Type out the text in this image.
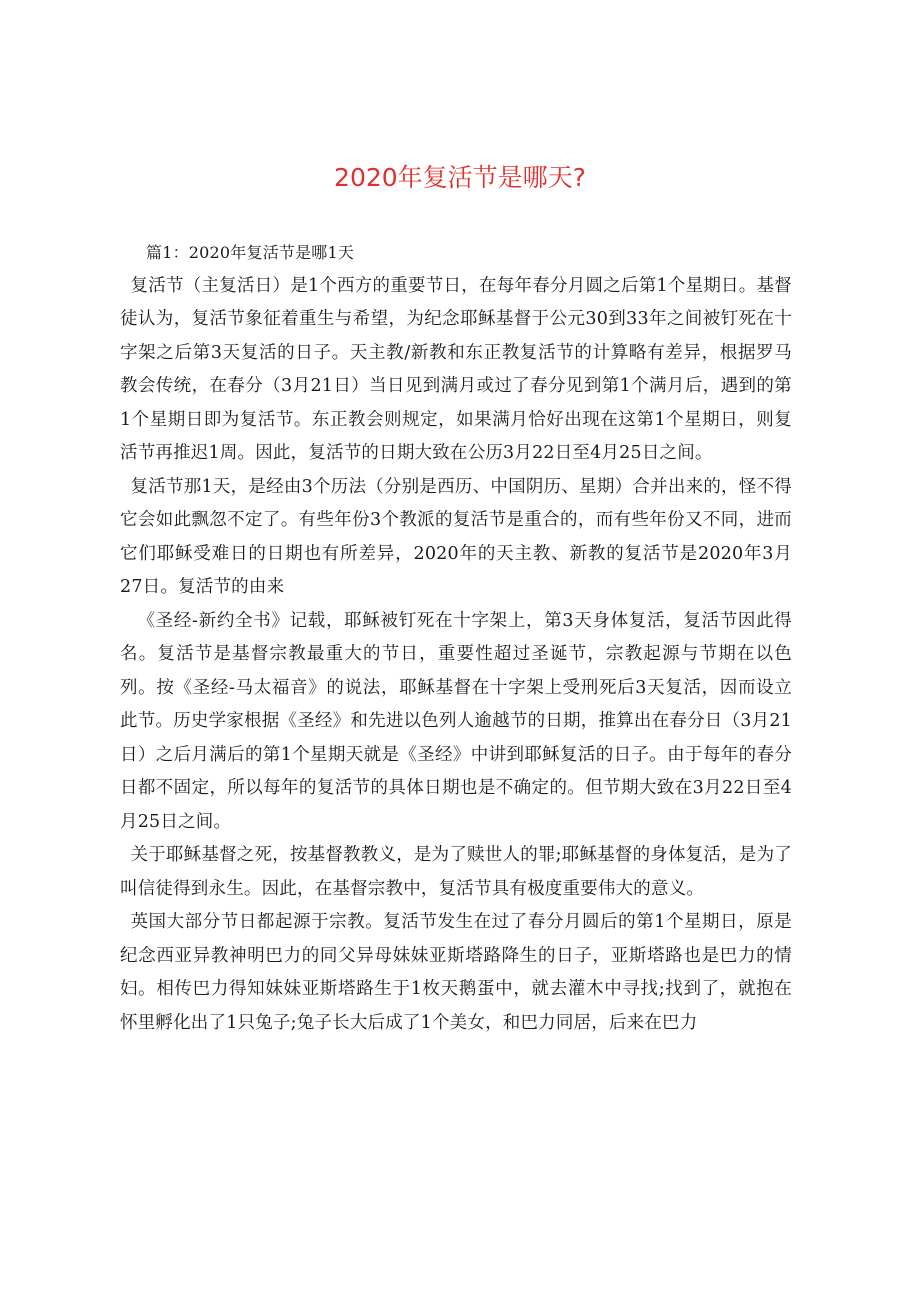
2020年复活节是哪天?

篇1：2020年复活节是哪1天

复活节（主复活日）是1个西方的重要节日，在每年春分月圆之后第1个星期日。基督徒认为，复活节象征着重生与希望，为纪念耶稣基督于公元30到33年之间被钉死在十字架之后第3天复活的日子。天主教/新教和东正教复活节的计算略有差异，根据罗马教会传统，在春分（3月21日）当日见到满月或过了春分见到第1个满月后，遇到的第1个星期日即为复活节。东正教会则规定，如果满月恰好出现在这第1个星期日，则复活节再推迟1周。因此，复活节的日期大致在公历3月22日至4月25日之间。

复活节那1天，是经由3个历法（分别是西历、中国阴历、星期）合并出来的，怪不得它会如此飘忽不定了。有些年份3个教派的复活节是重合的，而有些年份又不同，进而它们耶稣受难日的日期也有所差异，2020年的天主教、新教的复活节是2020年3月27日。复活节的由来

《圣经-新约全书》记载，耶稣被钉死在十字架上，第3天身体复活，复活节因此得名。复活节是基督宗教最重大的节日，重要性超过圣诞节，宗教起源与节期在以色列。按《圣经-马太福音》的说法，耶稣基督在十字架上受刑死后3天复活，因而设立此节。历史学家根据《圣经》和先进以色列人逾越节的日期，推算出在春分日（3月21日）之后月满后的第1个星期天就是《圣经》中讲到耶稣复活的日子。由于每年的春分日都不固定，所以每年的复活节的具体日期也是不确定的。但节期大致在3月22日至4月25日之间。

关于耶稣基督之死，按基督教教义，是为了赎世人的罪;耶稣基督的身体复活，是为了叫信徒得到永生。因此，在基督宗教中，复活节具有极度重要伟大的意义。

英国大部分节日都起源于宗教。复活节发生在过了春分月圆后的第1个星期日，原是纪念西亚异教神明巴力的同父异母妹妹亚斯塔路降生的日子，亚斯塔路也是巴力的情妇。相传巴力得知妹妹亚斯塔路生于1枚天鹅蛋中，就去灌木中寻找;找到了，就抱在怀里孵化出了1只兔子;兔子长大后成了1个美女，和巴力同居，后来在巴力
